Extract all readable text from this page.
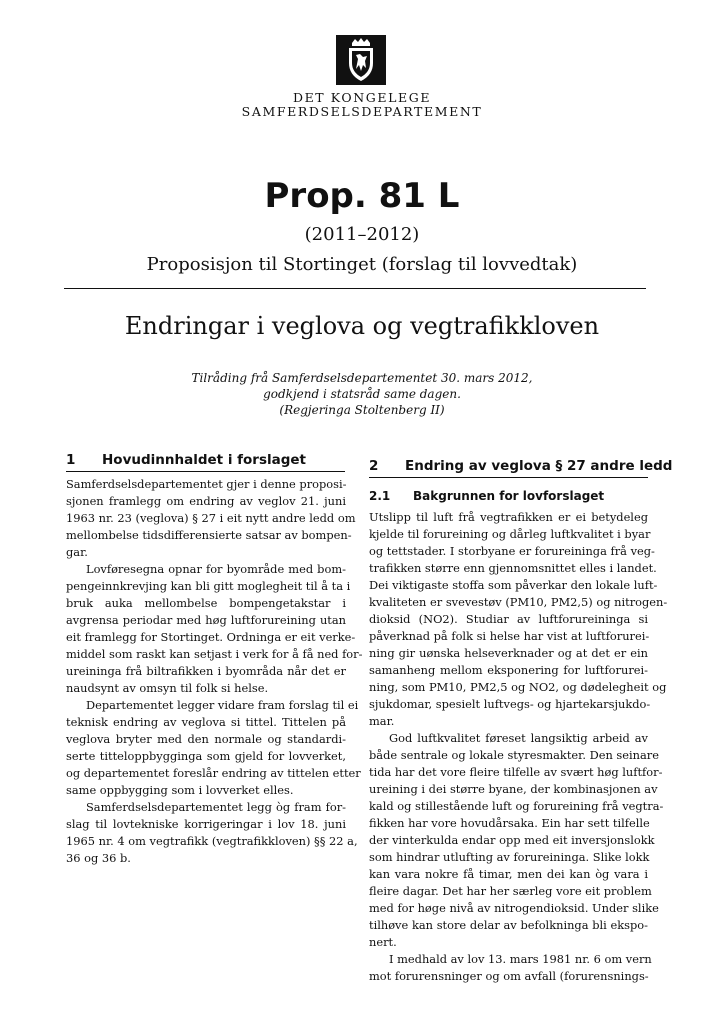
DET KONGELEGE
SAMFERDSELSDEPARTEMENT
Prop. 81 L
(2011–2012)
Proposisjon til Stortinget (forslag til lovvedtak)
Endringar i veglova og vegtrafikkloven
Tilråding frå Samferdselsdepartementet 30. mars 2012,
godkjend i statsråd same dagen.
(Regjeringa Stoltenberg II)
1 Hovudinnhaldet i forslaget
Samferdselsdepartementet gjer i denne proposi-
sjonen framlegg om endring av veglov 21. juni
1963 nr. 23 (veglova) § 27 i eit nytt andre ledd om
mellombelse tidsdifferensierte satsar av bompen-
gar.
Lovføresegna opnar for byområde med bom-
pengeinnkrevjing kan bli gitt moglegheit til å ta i
bruk auka mellombelse bompengetakstar i
avgrensa periodar med høg luftforureining utan
eit framlegg for Stortinget. Ordninga er eit verke-
middel som raskt kan setjast i verk for å få ned for-
ureininga frå biltrafikken i byområda når det er
naudsynt av omsyn til folk si helse.
Departementet legger vidare fram forslag til ei
teknisk endring av veglova si tittel. Tittelen på
veglova bryter med den normale og standardi-
serte titteloppbygginga som gjeld for lovverket,
og departementet foreslår endring av tittelen etter
same oppbygging som i lovverket elles.
Samferdselsdepartementet legg òg fram for-
slag til lovtekniske korrigeringar i lov 18. juni
1965 nr. 4 om vegtrafikk (vegtrafikkloven) §§ 22 a,
36 og 36 b.
2 Endring av veglova § 27 andre ledd
2.1 Bakgrunnen for lovforslaget
Utslipp til luft frå vegtrafikken er ei betydeleg
kjelde til forureining og dårleg luftkvalitet i byar
og tettstader. I storbyane er forureininga frå veg-
trafikken større enn gjennomsnittet elles i landet.
Dei viktigaste stoffa som påverkar den lokale luft-
kvaliteten er svevestøv (PM10, PM2,5) og nitrogen-
dioksid (NO2). Studiar av luftforureininga si
påverknad på folk si helse har vist at luftforurei-
ning gir uønska helseverknader og at det er ein
samanheng mellom eksponering for luftforurei-
ning, som PM10, PM2,5 og NO2, og dødelegheit og
sjukdomar, spesielt luftvegs- og hjartekarsjukdo-
mar.
God luftkvalitet føreset langsiktig arbeid av
både sentrale og lokale styresmakter. Den seinare
tida har det vore fleire tilfelle av svært høg luftfor-
ureining i dei større byane, der kombinasjonen av
kald og stillestående luft og forureining frå vegtra-
fikken har vore hovudårsaka. Ein har sett tilfelle
der vinterkulda endar opp med eit inversjonslokk
som hindrar utlufting av forureininga. Slike lokk
kan vara nokre få timar, men dei kan òg vara i
fleire dagar. Det har her særleg vore eit problem
med for høge nivå av nitrogendioksid. Under slike
tilhøve kan store delar av befolkninga bli ekspo-
nert.
I medhald av lov 13. mars 1981 nr. 6 om vern
mot forurensninger og om avfall (forurensnings-
